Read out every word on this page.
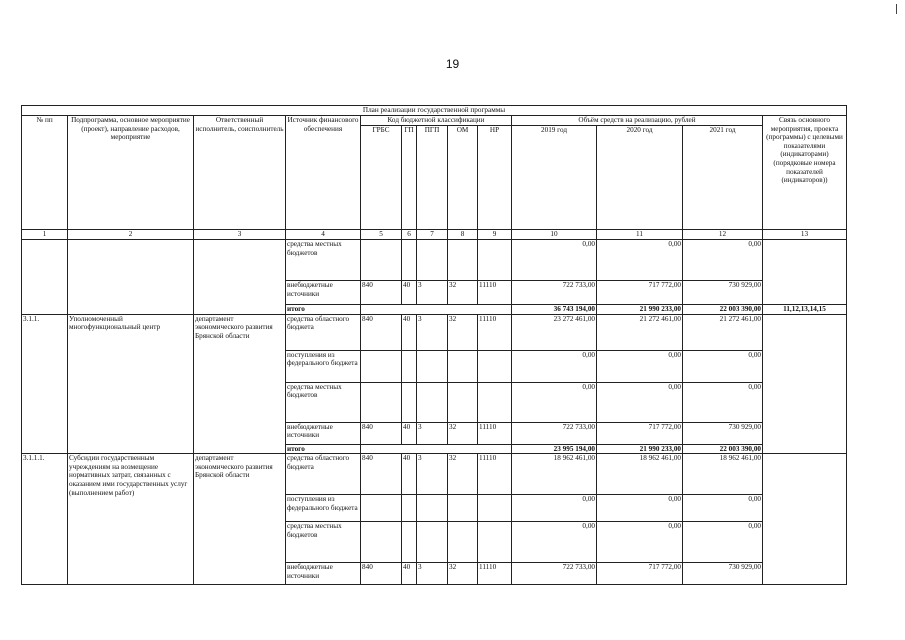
19
План реализации государственной программы												
№ пп	Подпрограмма, основное мероприятие (проект), направление расходов, мероприятие	Ответственный исполнитель, соисполнитель	Источник финансового обеспечения	Код бюджетной классификации					Объём средств на реализацию, рублей			Связь основного мероприятия, проекта (программы) с целевыми показателями (индикаторами) (порядковые номера показателей (индикаторов))
				ГРБС	ГП	ПГП	ОМ	НР	2019 год	2020 год	2021 год	
1	2	3	4	5	6	7	8	9	10	11	12	13
			средства местных бюджетов						0,00	0,00	0,00	
			внебюджетные источники	840	40	3	32	11110	722 733,00	717 772,00	730 929,00	
			итого						36 743 194,00	21 990 233,00	22 003 390,00	11,12,13,14,15
3.1.1.	Уполномоченный многофункциональный центр	департамент экономического развития Брянской области	средства областного бюджета	840	40	3	32	11110	23 272 461,00	21 272 461,00	21 272 461,00	
			поступления из федерального бюджета						0,00	0,00	0,00	
			средства местных бюджетов						0,00	0,00	0,00	
			внебюджетные источники	840	40	3	32	11110	722 733,00	717 772,00	730 929,00	
			итого						23 995 194,00	21 990 233,00	22 003 390,00	
3.1.1.1.	Субсидии государственным учреждениям на возмещение нормативных затрат, связанных с оказанием ими государственных услуг (выполнением работ)	департамент экономического развития Брянской области	средства областного бюджета	840	40	3	32	11110	18 962 461,00	18 962 461,00	18 962 461,00	
			поступления из федерального бюджета						0,00	0,00	0,00	
			средства местных бюджетов						0,00	0,00	0,00	
			внебюджетные источники	840	40	3	32	11110	722 733,00	717 772,00	730 929,00	
